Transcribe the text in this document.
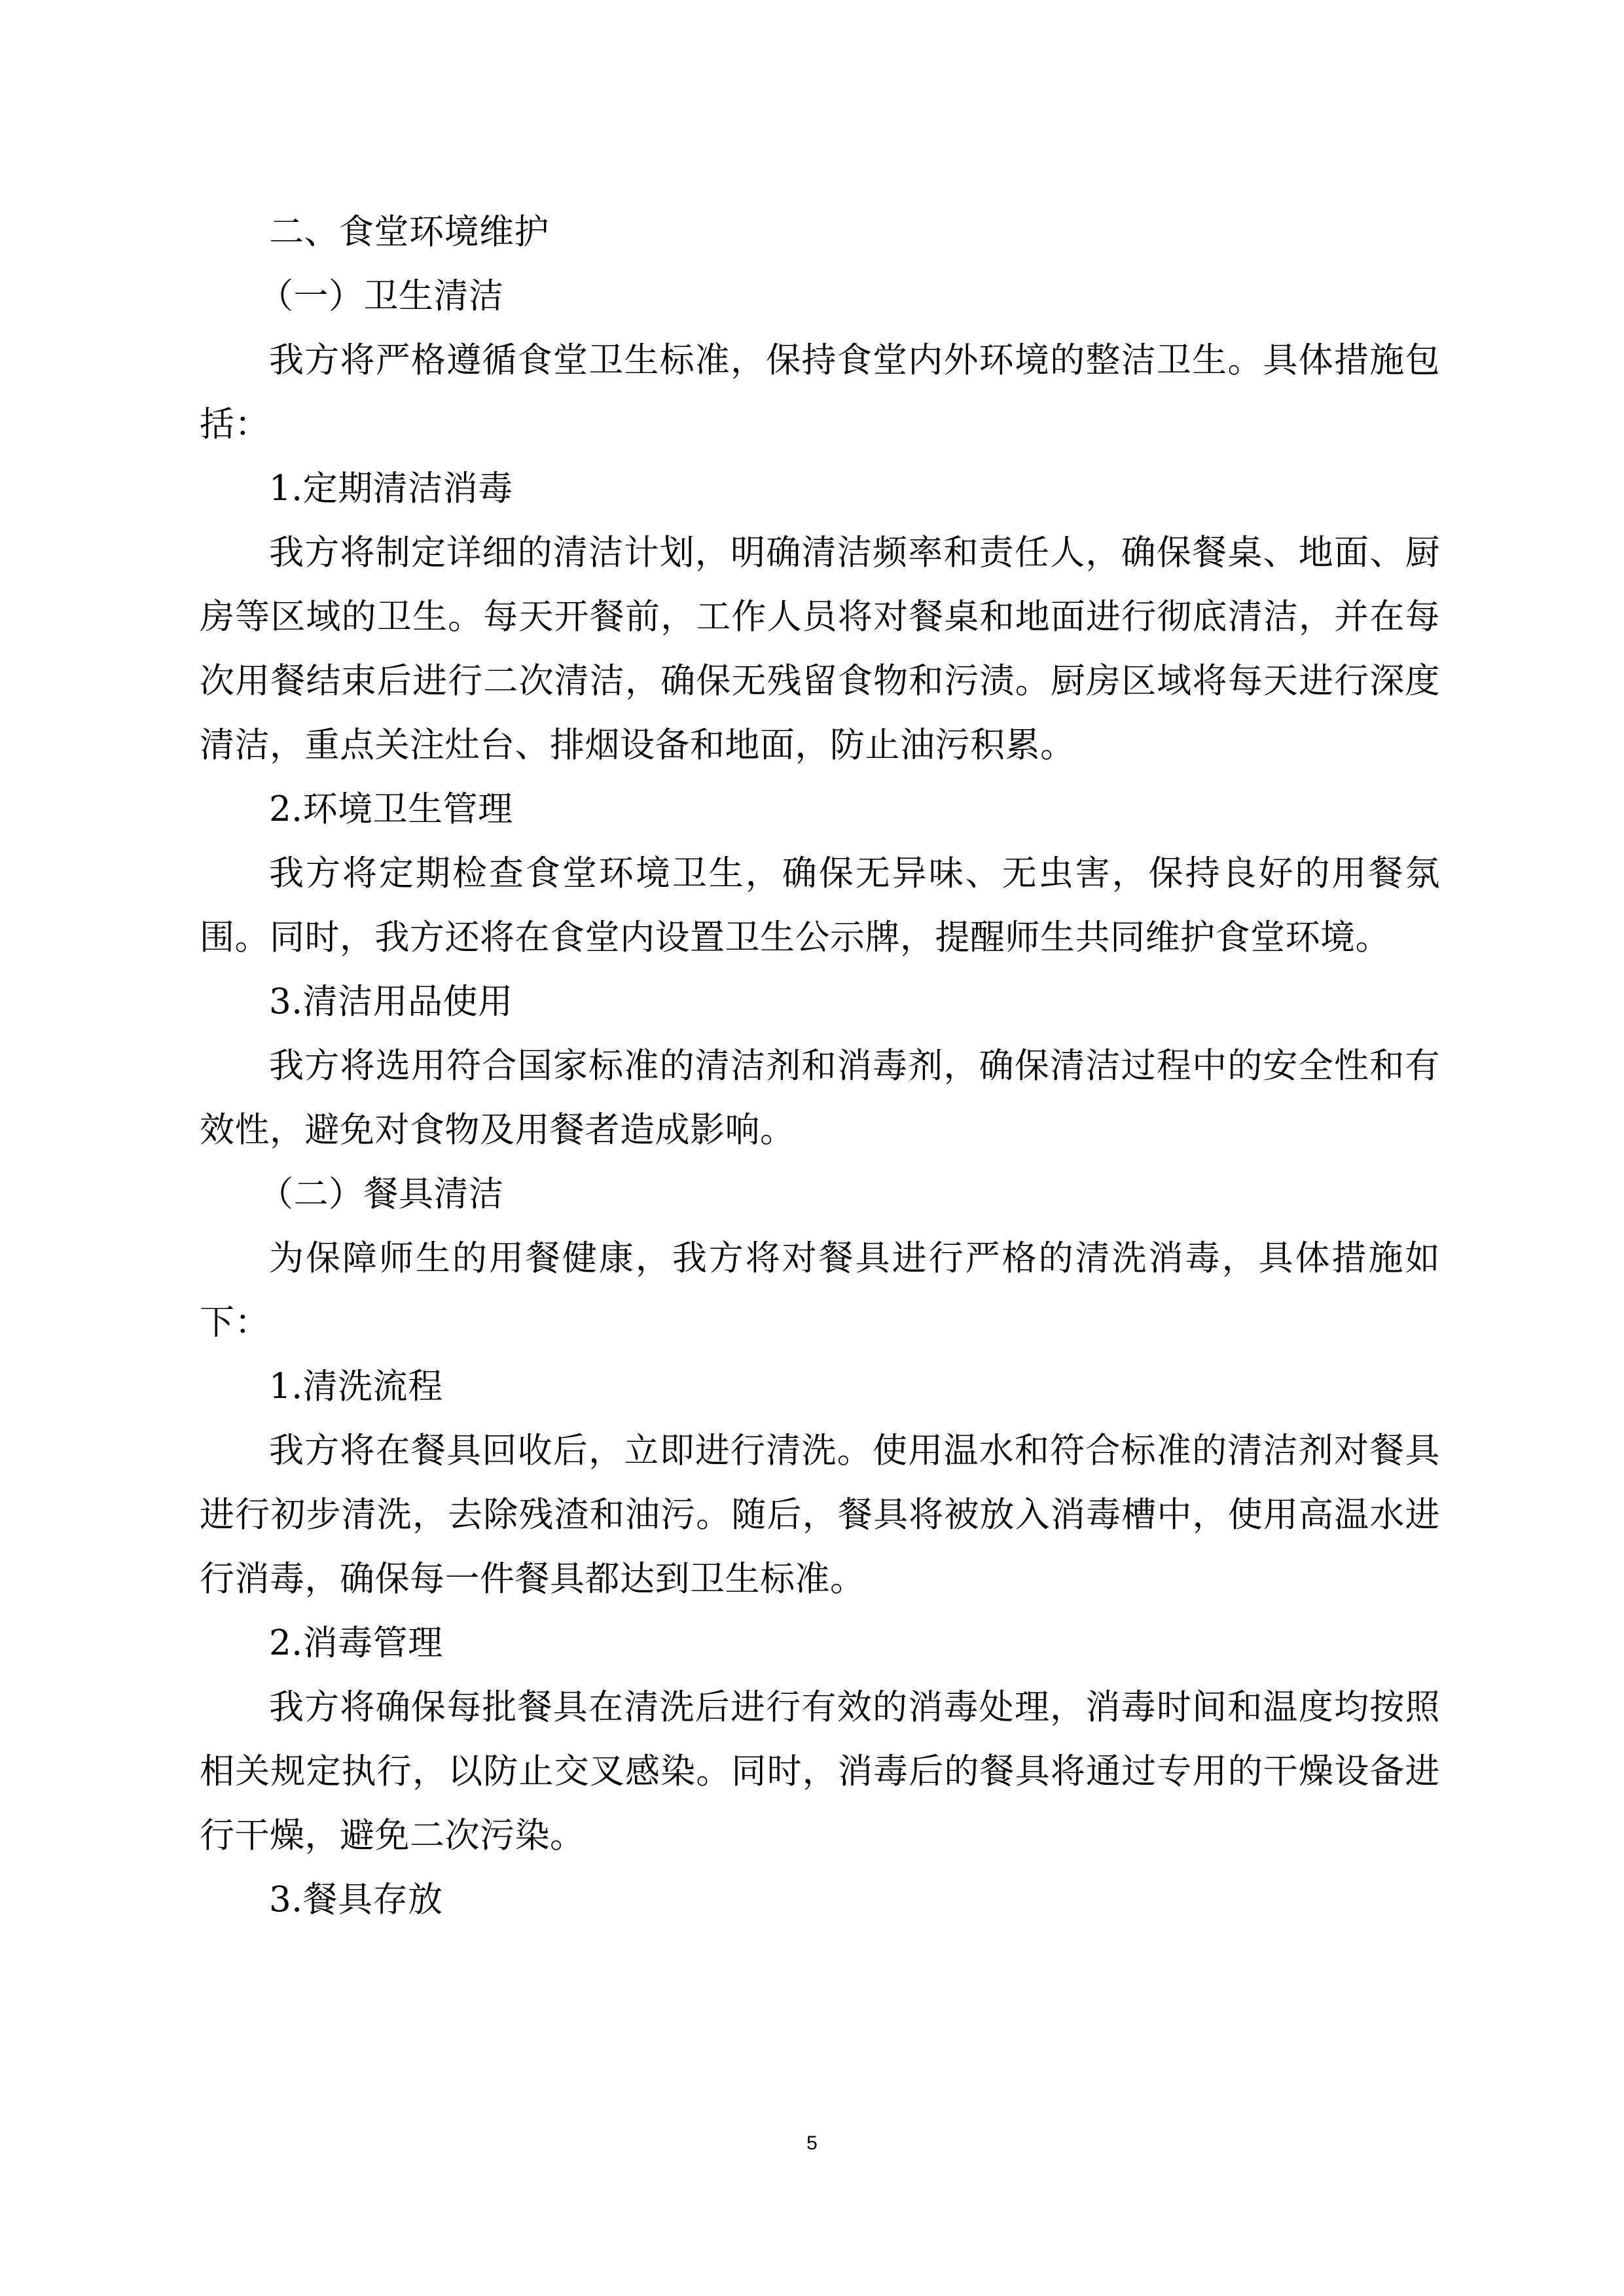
二、食堂环境维护

（一）卫生清洁

我方将严格遵循食堂卫生标准，保持食堂内外环境的整洁卫生。具体措施包括：

1.定期清洁消毒

我方将制定详细的清洁计划，明确清洁频率和责任人，确保餐桌、地面、厨房等区域的卫生。每天开餐前，工作人员将对餐桌和地面进行彻底清洁，并在每次用餐结束后进行二次清洁，确保无残留食物和污渍。厨房区域将每天进行深度清洁，重点关注灶台、排烟设备和地面，防止油污积累。

2.环境卫生管理

我方将定期检查食堂环境卫生，确保无异味、无虫害，保持良好的用餐氛围。同时，我方还将在食堂内设置卫生公示牌，提醒师生共同维护食堂环境。

3.清洁用品使用

我方将选用符合国家标准的清洁剂和消毒剂，确保清洁过程中的安全性和有效性，避免对食物及用餐者造成影响。

（二）餐具清洁

为保障师生的用餐健康，我方将对餐具进行严格的清洗消毒，具体措施如下：

1.清洗流程

我方将在餐具回收后，立即进行清洗。使用温水和符合标准的清洁剂对餐具进行初步清洗，去除残渣和油污。随后，餐具将被放入消毒槽中，使用高温水进行消毒，确保每一件餐具都达到卫生标准。

2.消毒管理

我方将确保每批餐具在清洗后进行有效的消毒处理，消毒时间和温度均按照相关规定执行，以防止交叉感染。同时，消毒后的餐具将通过专用的干燥设备进行干燥，避免二次污染。

3.餐具存放

5
